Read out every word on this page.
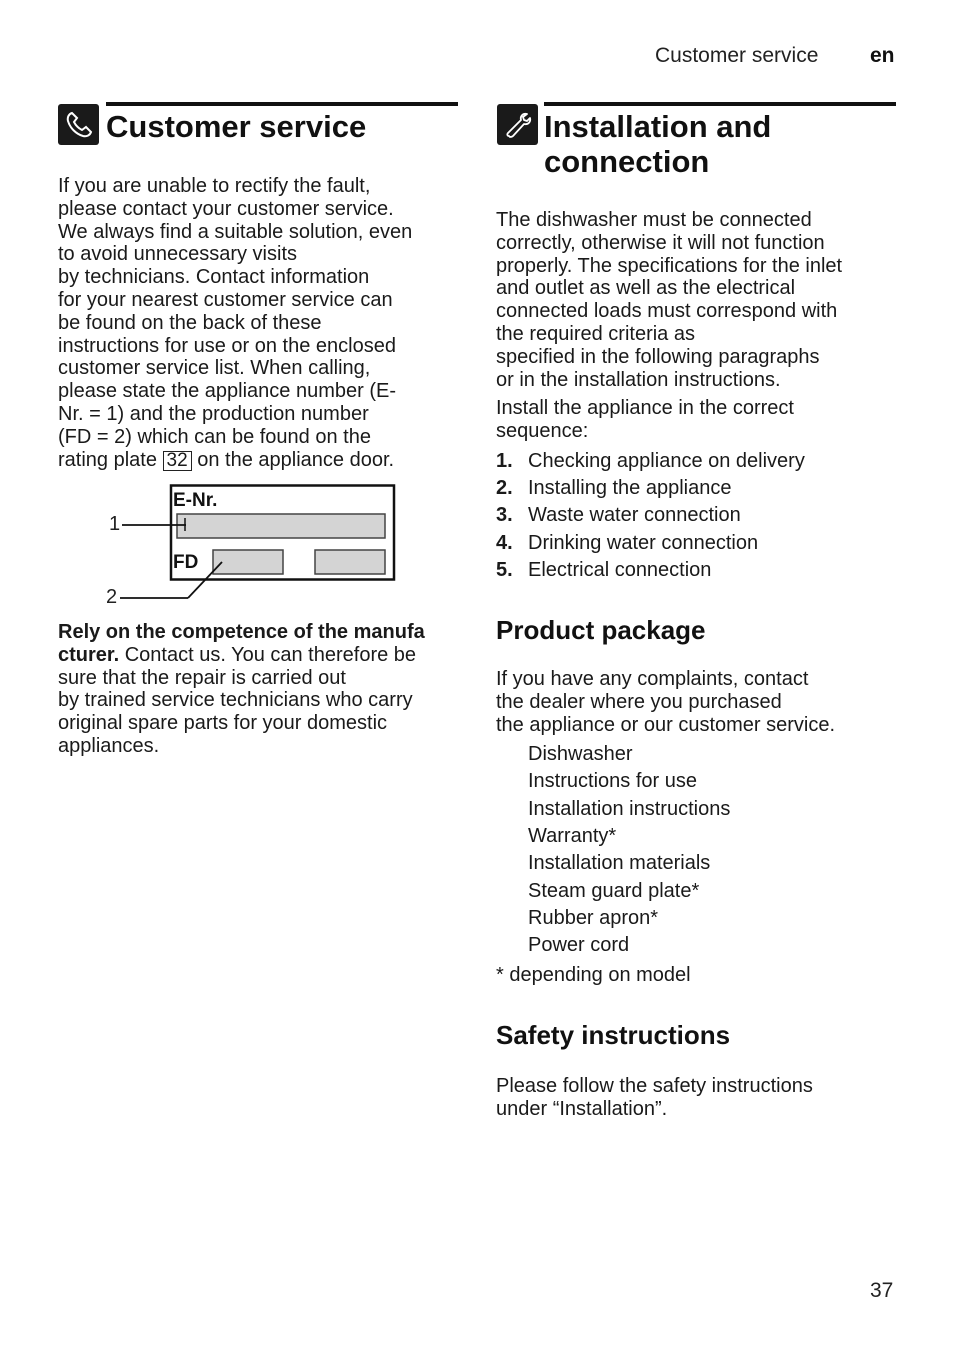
Customer service en
Customer service

If you are unable to rectify the fault,
please contact your customer service.
We always find a suitable solution, even
to avoid unnecessary visits
by technicians. Contact information
for your nearest customer service can
be found on the back of these
instructions for use or on the enclosed
customer service list. When calling,
please state the appliance number (E-
Nr. = 1) and the production number
(FD = 2) which can be found on the
rating plate 32 on the appliance door.

E-Nr.
FD
1
2

Rely on the competence of the manufa
cturer. Contact us. You can therefore be
sure that the repair is carried out
by trained service technicians who carry
original spare parts for your domestic
appliances.

Installation and
connection

The dishwasher must be connected
correctly, otherwise it will not function
properly. The specifications for the inlet
and outlet as well as the electrical
connected loads must correspond with
the required criteria as
specified in the following paragraphs
or in the installation instructions.

Install the appliance in the correct
sequence:

1. Checking appliance on delivery
2. Installing the appliance
3. Waste water connection
4. Drinking water connection
5. Electrical connection
Product package

If you have any complaints, contact
the dealer where you purchased
the appliance or our customer service.

Dishwasher
Instructions for use
Installation instructions
Warranty*
Installation materials
Steam guard plate*
Rubber apron*
Power cord
* depending on model
Safety instructions

Please follow the safety instructions
under “Installation”.

37
